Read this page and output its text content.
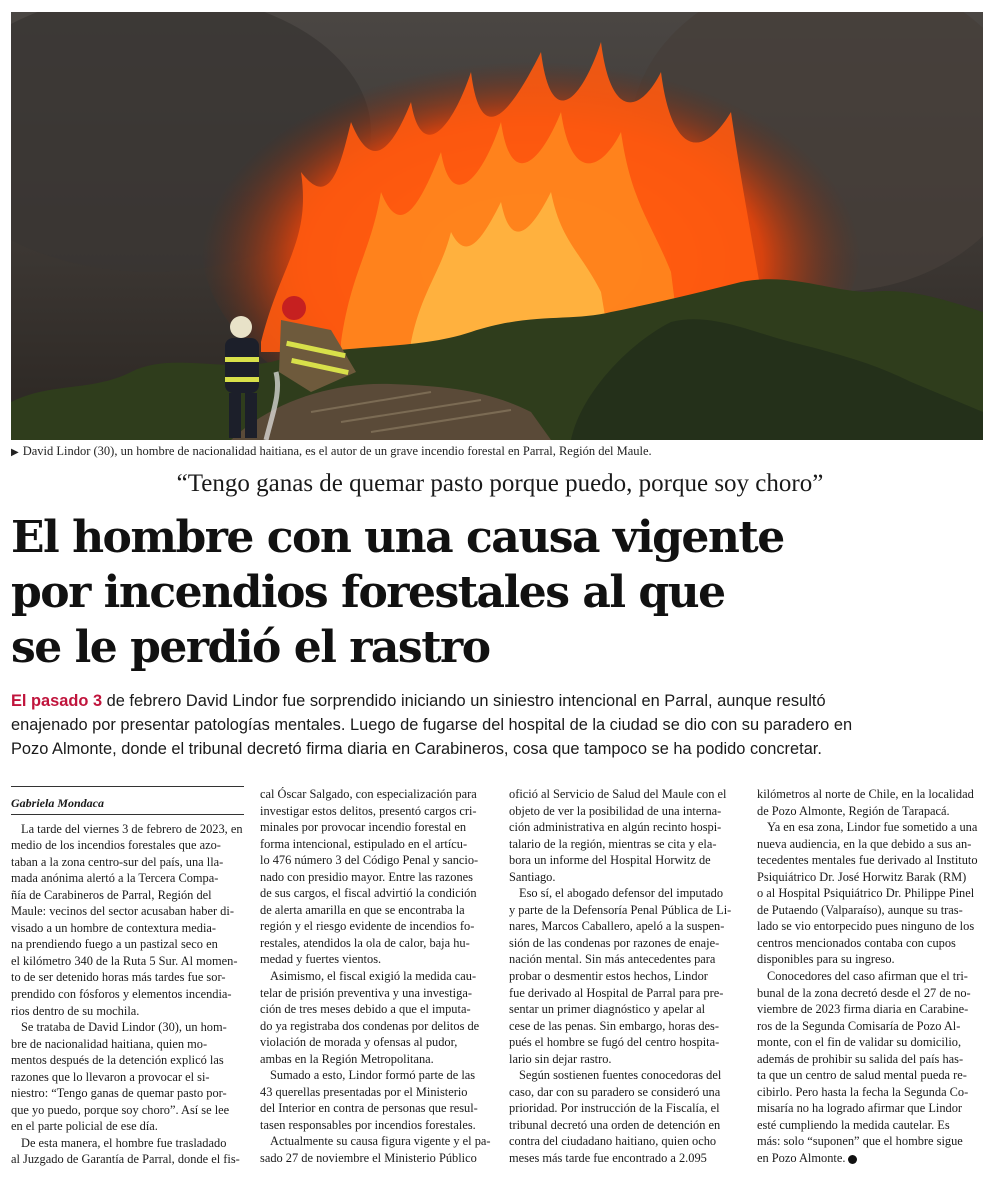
▶ David Lindor (30), un hombre de nacionalidad haitiana, es el autor de un grave incendio forestal en Parral, Región del Maule.
“Tengo ganas de quemar pasto porque puedo, porque soy choro”
El hombre con una causa vigente
por incendios forestales al que
se le perdió el rastro
El pasado 3 de febrero David Lindor fue sorprendido iniciando un siniestro intencional en Parral, aunque resultó
enajenado por presentar patologías mentales. Luego de fugarse del hospital de la ciudad se dio con su paradero en
Pozo Almonte, donde el tribunal decretó firma diaria en Carabineros, cosa que tampoco se ha podido concretar.
Gabriela Mondaca
La tarde del viernes 3 de febrero de 2023, en
medio de los incendios forestales que azo-
taban a la zona centro-sur del país, una lla-
mada anónima alertó a la Tercera Compa-
ñía de Carabineros de Parral, Región del
Maule: vecinos del sector acusaban haber di-
visado a un hombre de contextura media-
na prendiendo fuego a un pastizal seco en
el kilómetro 340 de la Ruta 5 Sur. Al momen-
to de ser detenido horas más tardes fue sor-
prendido con fósforos y elementos incendia-
rios dentro de su mochila.
Se trataba de David Lindor (30), un hom-
bre de nacionalidad haitiana, quien mo-
mentos después de la detención explicó las
razones que lo llevaron a provocar el si-
niestro: “Tengo ganas de quemar pasto por-
que yo puedo, porque soy choro”. Así se lee
en el parte policial de ese día.
De esta manera, el hombre fue trasladado
al Juzgado de Garantía de Parral, donde el fis-
cal Óscar Salgado, con especialización para
investigar estos delitos, presentó cargos cri-
minales por provocar incendio forestal en
forma intencional, estipulado en el artícu-
lo 476 número 3 del Código Penal y sancio-
nado con presidio mayor. Entre las razones
de sus cargos, el fiscal advirtió la condición
de alerta amarilla en que se encontraba la
región y el riesgo evidente de incendios fo-
restales, atendidos la ola de calor, baja hu-
medad y fuertes vientos.
Asimismo, el fiscal exigió la medida cau-
telar de prisión preventiva y una investiga-
ción de tres meses debido a que el imputa-
do ya registraba dos condenas por delitos de
violación de morada y ofensas al pudor,
ambas en la Región Metropolitana.
Sumado a esto, Lindor formó parte de las
43 querellas presentadas por el Ministerio
del Interior en contra de personas que resul-
tasen responsables por incendios forestales.
Actualmente su causa figura vigente y el pa-
sado 27 de noviembre el Ministerio Público
ofició al Servicio de Salud del Maule con el
objeto de ver la posibilidad de una interna-
ción administrativa en algún recinto hospi-
talario de la región, mientras se cita y ela-
bora un informe del Hospital Horwitz de
Santiago.
Eso sí, el abogado defensor del imputado
y parte de la Defensoría Penal Pública de Li-
nares, Marcos Caballero, apeló a la suspen-
sión de las condenas por razones de enaje-
nación mental. Sin más antecedentes para
probar o desmentir estos hechos, Lindor
fue derivado al Hospital de Parral para pre-
sentar un primer diagnóstico y apelar al
cese de las penas. Sin embargo, horas des-
pués el hombre se fugó del centro hospita-
lario sin dejar rastro.
Según sostienen fuentes conocedoras del
caso, dar con su paradero se consideró una
prioridad. Por instrucción de la Fiscalía, el
tribunal decretó una orden de detención en
contra del ciudadano haitiano, quien ocho
meses más tarde fue encontrado a 2.095
kilómetros al norte de Chile, en la localidad
de Pozo Almonte, Región de Tarapacá.
Ya en esa zona, Lindor fue sometido a una
nueva audiencia, en la que debido a sus an-
tecedentes mentales fue derivado al Instituto
Psiquiátrico Dr. José Horwitz Barak (RM)
o al Hospital Psiquiátrico Dr. Philippe Pinel
de Putaendo (Valparaíso), aunque su tras-
lado se vio entorpecido pues ninguno de los
centros mencionados contaba con cupos
disponibles para su ingreso.
Conocedores del caso afirman que el tri-
bunal de la zona decretó desde el 27 de no-
viembre de 2023 firma diaria en Carabine-
ros de la Segunda Comisaría de Pozo Al-
monte, con el fin de validar su domicilio,
además de prohibir su salida del país has-
ta que un centro de salud mental pueda re-
cibirlo. Pero hasta la fecha la Segunda Co-
misaría no ha logrado afirmar que Lindor
esté cumpliendo la medida cautelar. Es
más: solo “suponen” que el hombre sigue
en Pozo Almonte.
